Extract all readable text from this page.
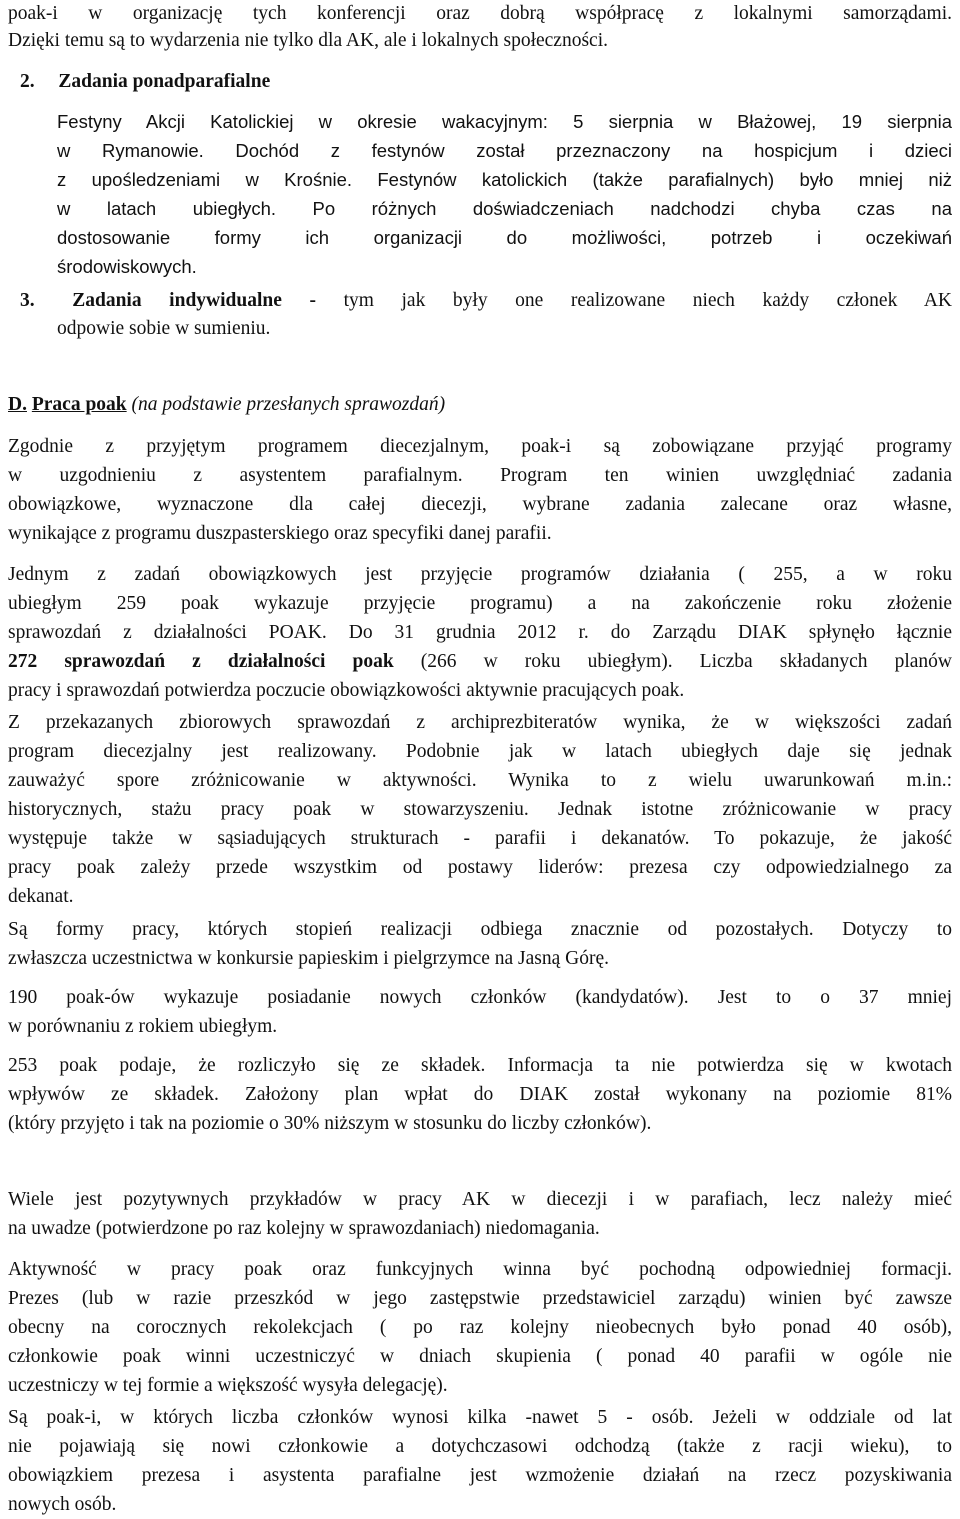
poak-i w organizację tych konferencji oraz dobrą współpracę z lokalnymi samorządami.
Dzięki temu są to wydarzenia nie tylko dla AK, ale i lokalnych społeczności.
2. Zadania ponadparafialne
Festyny Akcji Katolickiej w okresie wakacyjnym: 5 sierpnia w Błażowej, 19 sierpnia
w Rymanowie. Dochód z festynów został przeznaczony na hospicjum i dzieci
z upośledzeniami w Krośnie. Festynów katolickich (także parafialnych) było mniej niż
w latach ubiegłych. Po różnych doświadczeniach nadchodzi chyba czas na
dostosowanie formy ich organizacji do możliwości, potrzeb i oczekiwań
środowiskowych.
3. Zadania indywidualne - tym jak były one realizowane niech każdy członek AK
odpowie sobie w sumieniu.
D. Praca poak (na podstawie przesłanych sprawozdań)
Zgodnie z przyjętym programem diecezjalnym, poak-i są zobowiązane przyjąć programy
w uzgodnieniu z asystentem parafialnym. Program ten winien uwzględniać zadania
obowiązkowe, wyznaczone dla całej diecezji, wybrane zadania zalecane oraz własne,
wynikające z programu duszpasterskiego oraz specyfiki danej parafii.
Jednym z zadań obowiązkowych jest przyjęcie programów działania ( 255, a w roku
ubiegłym 259 poak wykazuje przyjęcie programu) a na zakończenie roku złożenie
sprawozdań z działalności POAK. Do 31 grudnia 2012 r. do Zarządu DIAK spłynęło łącznie
272 sprawozdań z działalności poak (266 w roku ubiegłym). Liczba składanych planów
pracy i sprawozdań potwierdza poczucie obowiązkowości aktywnie pracujących poak.
Z przekazanych zbiorowych sprawozdań z archiprezbiteratów wynika, że w większości zadań
program diecezjalny jest realizowany. Podobnie jak w latach ubiegłych daje się jednak
zauważyć spore zróżnicowanie w aktywności. Wynika to z wielu uwarunkowań m.in.:
historycznych, stażu pracy poak w stowarzyszeniu. Jednak istotne zróżnicowanie w pracy
występuje także w sąsiadujących strukturach - parafii i dekanatów. To pokazuje, że jakość
pracy poak zależy przede wszystkim od postawy liderów: prezesa czy odpowiedzialnego za
dekanat.
Są formy pracy, których stopień realizacji odbiega znacznie od pozostałych. Dotyczy to
zwłaszcza uczestnictwa w konkursie papieskim i pielgrzymce na Jasną Górę.
190 poak-ów wykazuje posiadanie nowych członków (kandydatów). Jest to o 37 mniej
w porównaniu z rokiem ubiegłym.
253 poak podaje, że rozliczyło się ze składek. Informacja ta nie potwierdza się w kwotach
wpływów ze składek. Założony plan wpłat do DIAK został wykonany na poziomie 81%
(który przyjęto i tak na poziomie o 30% niższym w stosunku do liczby członków).
Wiele jest pozytywnych przykładów w pracy AK w diecezji i w parafiach, lecz należy mieć
na uwadze (potwierdzone po raz kolejny w sprawozdaniach) niedomagania.
Aktywność w pracy poak oraz funkcyjnych winna być pochodną odpowiedniej formacji.
Prezes (lub w razie przeszkód w jego zastępstwie przedstawiciel zarządu) winien być zawsze
obecny na corocznych rekolekcjach ( po raz kolejny nieobecnych było ponad 40 osób),
członkowie poak winni uczestniczyć w dniach skupienia ( ponad 40 parafii w ogóle nie
uczestniczy w tej formie a większość wysyła delegację).
Są poak-i, w których liczba członków wynosi kilka -nawet 5 - osób. Jeżeli w oddziale od lat
nie pojawiają się nowi członkowie a dotychczasowi odchodzą (także z racji wieku), to
obowiązkiem prezesa i asystenta parafialne jest wzmożenie działań na rzecz pozyskiwania
nowych osób.
